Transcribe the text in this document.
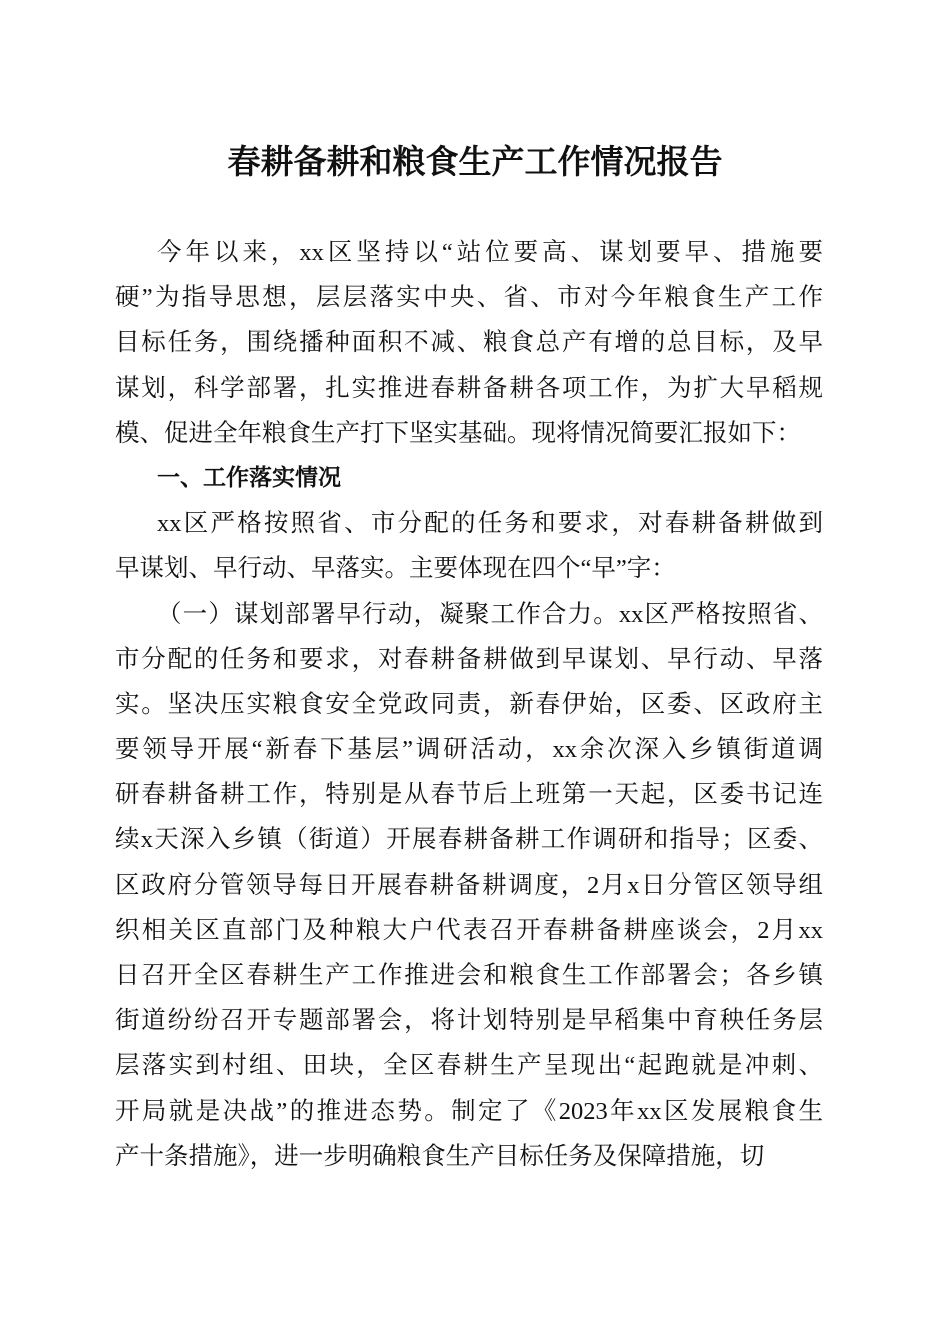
春耕备耕和粮食生产工作情况报告
今年以来，xx区坚持以“站位要高、谋划要早、措施要
硬”为指导思想，层层落实中央、省、市对今年粮食生产工作
目标任务，围绕播种面积不减、粮食总产有增的总目标，及早
谋划，科学部署，扎实推进春耕备耕各项工作，为扩大早稻规
模、促进全年粮食生产打下坚实基础。现将情况简要汇报如下：
一、工作落实情况
xx区严格按照省、市分配的任务和要求，对春耕备耕做到
早谋划、早行动、早落实。主要体现在四个“早”字：
（一）谋划部署早行动，凝聚工作合力。xx区严格按照省、
市分配的任务和要求，对春耕备耕做到早谋划、早行动、早落
实。坚决压实粮食安全党政同责，新春伊始，区委、区政府主
要领导开展“新春下基层”调研活动，xx余次深入乡镇街道调
研春耕备耕工作，特别是从春节后上班第一天起，区委书记连
续x天深入乡镇（街道）开展春耕备耕工作调研和指导；区委、
区政府分管领导每日开展春耕备耕调度，2月x日分管区领导组
织相关区直部门及种粮大户代表召开春耕备耕座谈会，2月xx
日召开全区春耕生产工作推进会和粮食生工作部署会；各乡镇
街道纷纷召开专题部署会，将计划特别是早稻集中育秧任务层
层落实到村组、田块，全区春耕生产呈现出“起跑就是冲刺、
开局就是决战”的推进态势。制定了《2023年xx区发展粮食生
产十条措施》，进一步明确粮食生产目标任务及保障措施，切
